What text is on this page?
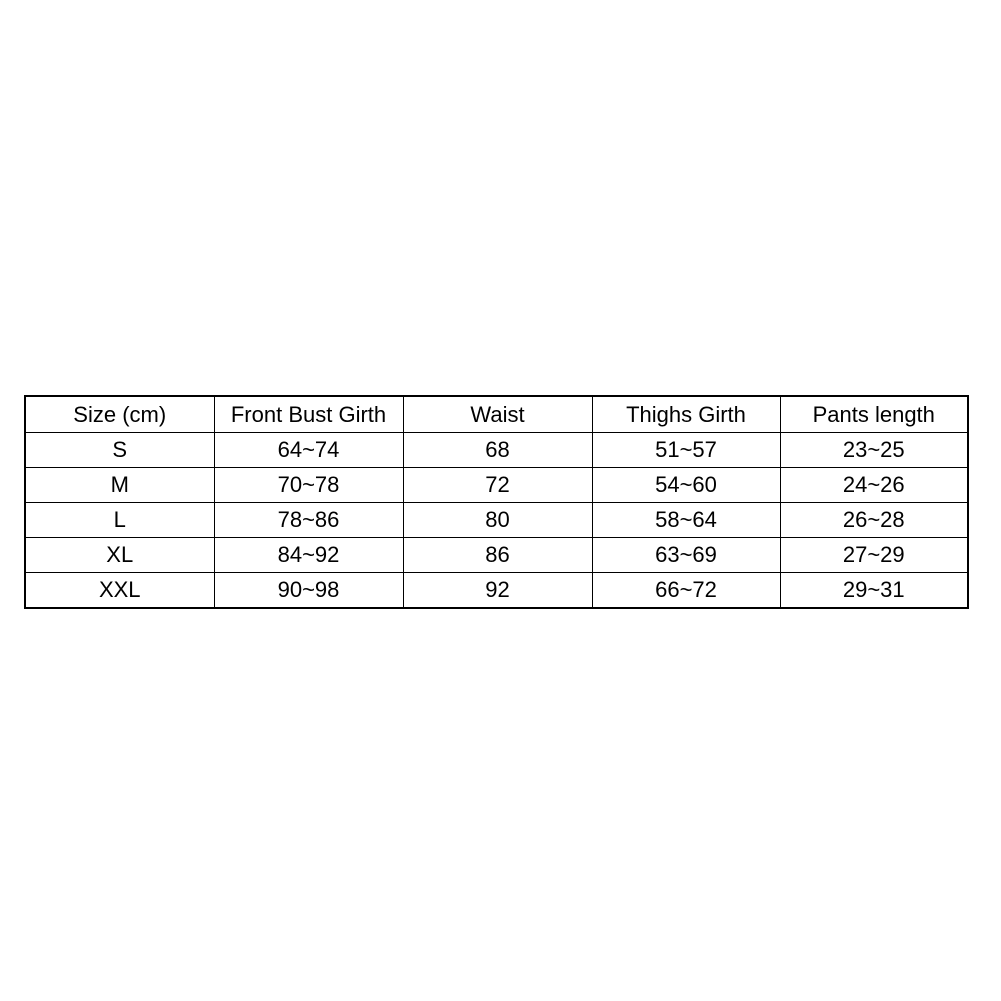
Size (cm)	Front Bust Girth	Waist	Thighs Girth	Pants length
S	64~74	68	51~57	23~25
M	70~78	72	54~60	24~26
L	78~86	80	58~64	26~28
XL	84~92	86	63~69	27~29
XXL	90~98	92	66~72	29~31
